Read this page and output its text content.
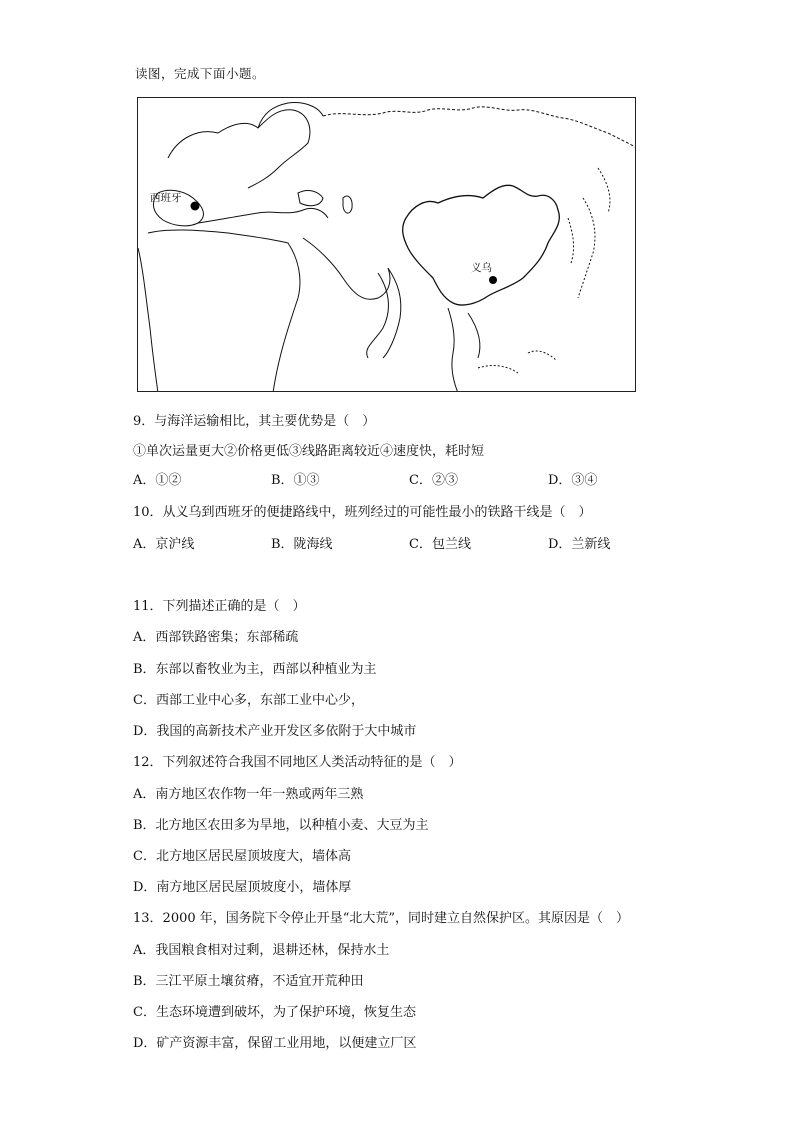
读图，完成下面小题。
西班牙
义乌
9．与海洋运输相比，其主要优势是（　）
①单次运量更大②价格更低③线路距离较近④速度快，耗时短
A．①②	B．①③	C．②③	D．③④
10．从义乌到西班牙的便捷路线中，班列经过的可能性最小的铁路干线是（　）
A．京沪线	B．陇海线	C．包兰线	D．兰新线
11．下列描述正确的是（　）
A．西部铁路密集；东部稀疏
B．东部以畜牧业为主，西部以种植业为主
C．西部工业中心多，东部工业中心少，
D．我国的高新技术产业开发区多依附于大中城市
12．下列叙述符合我国不同地区人类活动特征的是（　）
A．南方地区农作物一年一熟或两年三熟
B．北方地区农田多为旱地，以种植小麦、大豆为主
C．北方地区居民屋顶坡度大，墙体高
D．南方地区居民屋顶坡度小，墙体厚
13．2000 年，国务院下令停止开垦“北大荒”，同时建立自然保护区。其原因是（　）
A．我国粮食相对过剩，退耕还林，保持水土
B．三江平原土壤贫瘠，不适宜开荒种田
C．生态环境遭到破坏，为了保护环境，恢复生态
D．矿产资源丰富，保留工业用地，以便建立厂区
